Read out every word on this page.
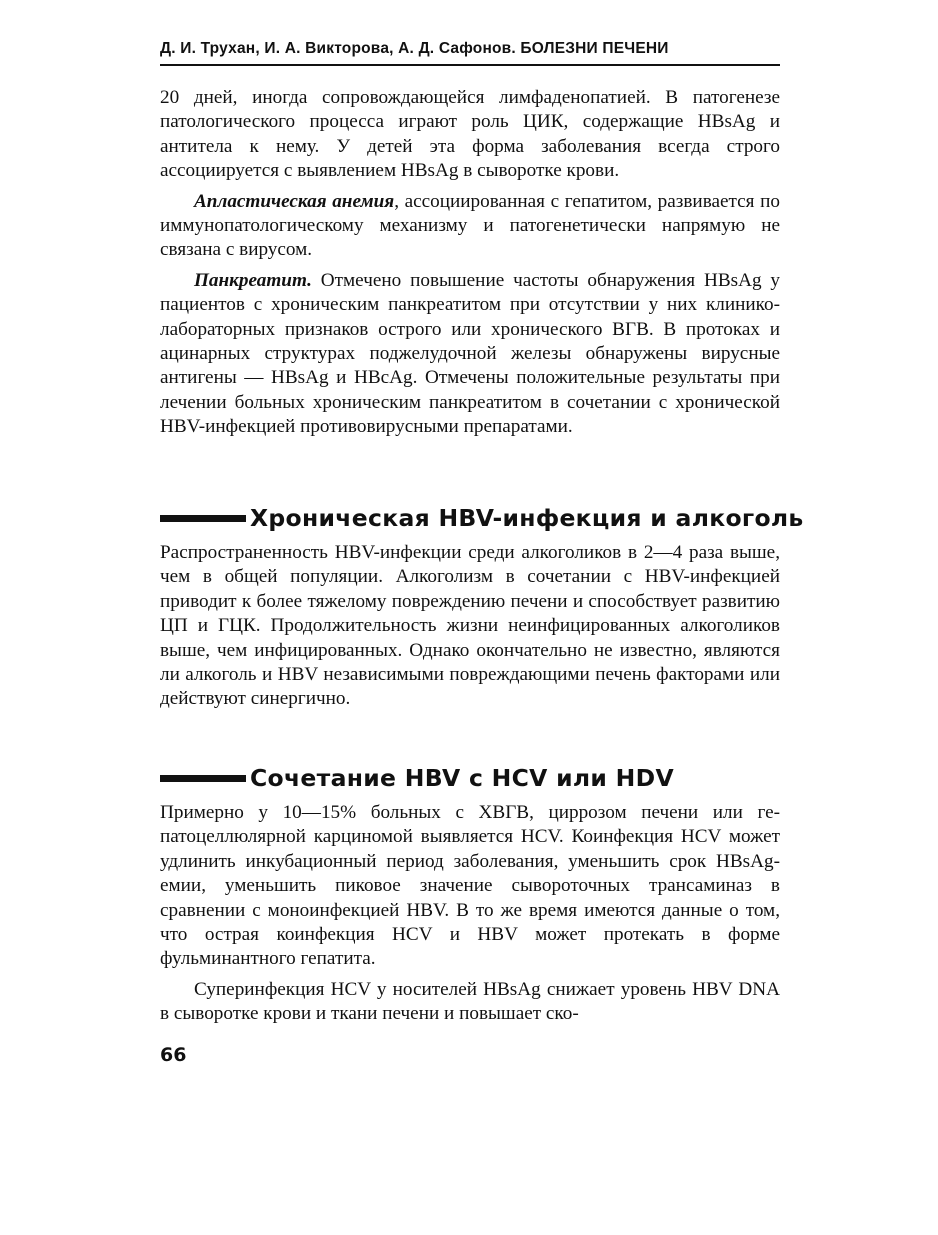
Д. И. Трухан, И. А. Викторова, А. Д. Сафонов. БОЛЕЗНИ ПЕЧЕНИ

20 дней, иногда сопровождающейся лимфаденопатией. В патогенезе патологического процесса играют роль ЦИК, содержащие HBsAg и антитела к нему. У детей эта форма заболевания всегда строго ассоциируется с выявлением HBsAg в сыворотке крови.

Апластическая анемия, ассоциированная с гепатитом, развивается по иммунопатологическому механизму и патогенетически напрямую не связана с вирусом.

Панкреатит. Отмечено повышение частоты обнаружения HBsAg у пациентов с хроническим панкреатитом при отсутствии у них клинико-лабораторных признаков острого или хронического ВГВ. В протоках и ацинарных структурах поджелудочной железы обнаружены вирусные антигены — HBsAg и HBcAg. Отмечены положительные результаты при лечении больных хроническим панкреатитом в сочетании с хронической HBV-инфекцией противовирусными препаратами.

Хроническая HBV-инфекция и алкоголь

Распространенность HBV-инфекции среди алкоголиков в 2—4 раза выше, чем в общей популяции. Алкоголизм в сочетании с HBV-инфекцией приводит к более тяжелому повреждению печени и способствует развитию ЦП и ГЦК. Продолжительность жизни неинфицированных алкоголиков выше, чем инфицированных. Однако окончательно не известно, являются ли алкоголь и HBV независимыми повреждающими печень факторами или действуют синергично.

Сочетание HBV с HCV или HDV

Примерно у 10—15% больных с ХВГВ, циррозом печени или гепатоцеллюлярной карциномой выявляется HCV. Коинфекция HCV может удлинить инкубационный период заболевания, уменьшить срок HBsAg-емии, уменьшить пиковое значение сывороточных трансаминаз в сравнении с моноинфекцией HBV. В то же время имеются данные о том, что острая коинфекция HCV и HBV может протекать в форме фульминантного гепатита.

Суперинфекция HCV у носителей HBsAg снижает уровень HBV DNA в сыворотке крови и ткани печени и повышает ско-

66
